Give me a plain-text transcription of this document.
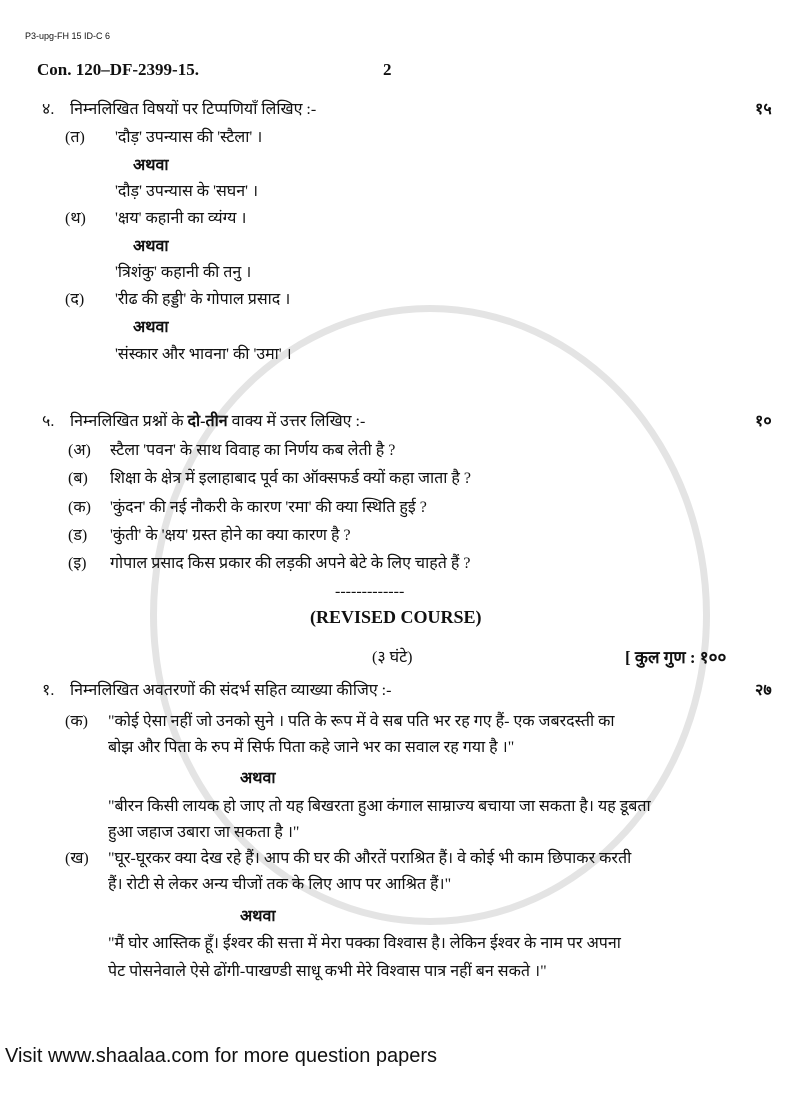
P3-upg-FH 15 ID-C 6
Con. 120–DF-2399-15.	2
४. निम्नलिखित विषयों पर टिप्पणियाँ लिखिए :-	१५
(त) 'दौड़' उपन्यास की 'स्टैला' ।
अथवा
'दौड़' उपन्यास के 'सघन' ।
(थ) 'क्षय' कहानी का व्यंग्य ।
अथवा
'त्रिशंकु' कहानी की तनु ।
(द) 'रीढ की हड्डी' के गोपाल प्रसाद ।
अथवा
'संस्कार और भावना' की 'उमा' ।
५. निम्नलिखित प्रश्नों के दो-तीन वाक्य में उत्तर लिखिए :-	१०
(अ) स्टैला 'पवन' के साथ विवाह का निर्णय कब लेती है ?
(ब) शिक्षा के क्षेत्र में इलाहाबाद पूर्व का ऑक्सफर्ड क्यों कहा जाता है ?
(क) 'कुंदन' की नई नौकरी के कारण 'रमा' की क्या स्थिति हुई ?
(ड) 'कुंती' के 'क्षय' ग्रस्त होने का क्या कारण है ?
(इ) गोपाल प्रसाद किस प्रकार की लड़की अपने बेटे के लिए चाहते हैं ?
-------------
(REVISED COURSE)
(३ घंटे)	[ कुल गुण : १००
१. निम्नलिखित अवतरणों की संदर्भ सहित व्याख्या कीजिए :-	२७
(क) "कोई ऐसा नहीं जो उनको सुने । पति के रूप में वे सब पति भर रह गए हैं- एक जबरदस्ती का
बोझ और पिता के रुप में सिर्फ पिता कहे जाने भर का सवाल रह गया है ।"
अथवा
"बीरन किसी लायक हो जाए तो यह बिखरता हुआ कंगाल साम्राज्य बचाया जा सकता है। यह डूबता
हुआ जहाज उबारा जा सकता है ।"
(ख) "घूर-घूरकर क्या देख रहे हैं। आप की घर की औरतें पराश्रित हैं। वे कोई भी काम छिपाकर करती
हैं। रोटी से लेकर अन्य चीजों तक के लिए आप पर आश्रित हैं।"
अथवा
"मैं घोर आस्तिक हूँ। ईश्वर की सत्ता में मेरा पक्का विश्वास है। लेकिन ईश्वर के नाम पर अपना
पेट पोसनेवाले ऐसे ढोंगी-पाखण्डी साधू कभी मेरे विश्वास पात्र नहीं बन सकते ।"
Visit www.shaalaa.com for more question papers
